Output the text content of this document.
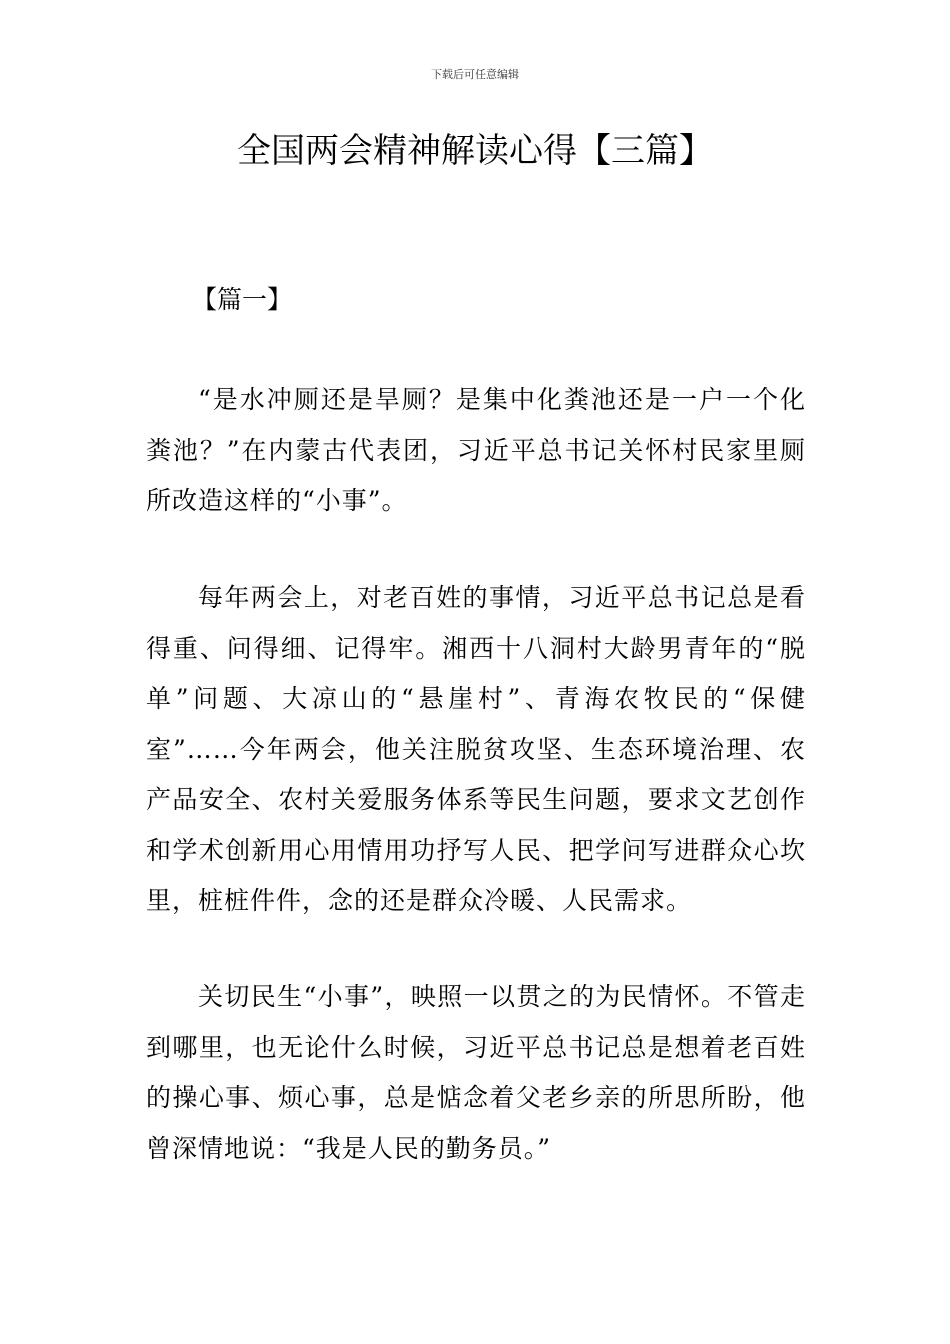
下载后可任意编辑
全国两会精神解读心得【三篇】
【篇一】

“是水冲厕还是旱厕？是集中化粪池还是一户一个化粪池？”在内蒙古代表团，习近平总书记关怀村民家里厕所改造这样的“小事”。

每年两会上，对老百姓的事情，习近平总书记总是看得重、问得细、记得牢。湘西十八洞村大龄男青年的“脱单”问题、大凉山的“悬崖村”、青海农牧民的“保健室”……今年两会，他关注脱贫攻坚、生态环境治理、农产品安全、农村关爱服务体系等民生问题，要求文艺创作和学术创新用心用情用功抒写人民、把学问写进群众心坎里，桩桩件件，念的还是群众冷暖、人民需求。

关切民生“小事”，映照一以贯之的为民情怀。不管走到哪里，也无论什么时候，习近平总书记总是想着老百姓的操心事、烦心事，总是惦念着父老乡亲的所思所盼，他曾深情地说：“我是人民的勤务员。”
